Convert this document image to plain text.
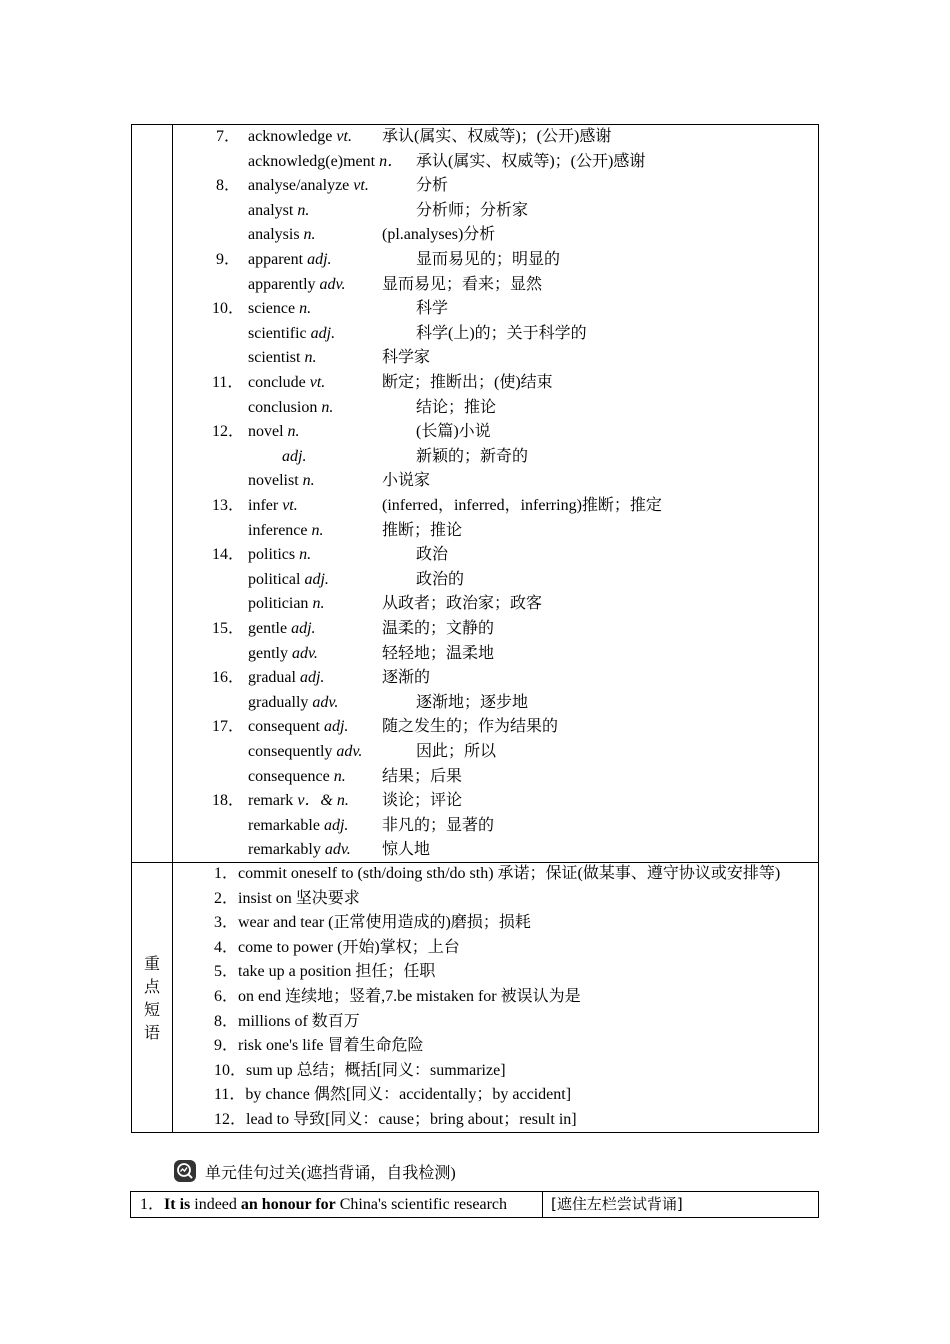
7． acknowledge vt. 承认(属实、权威等)；(公开)感谢
acknowledg(e)ment n． 承认(属实、权威等)；(公开)感谢
8． analyse/analyze vt.	分析
analyst n.	分析师；分析家
analysis n.	(pl.analyses)分析
9． apparent adj.	显而易见的；明显的
apparently adv. 显而易见；看来；显然
10． science n.	科学
scientific adj.	科学(上)的；关于科学的
scientist n.	科学家
11． conclude vt.	断定；推断出；(使)结束
conclusion n.	结论；推论
12． novel n.	(长篇)小说
adj.	新颖的；新奇的
novelist n.	小说家
13． infer vt.	(inferred，inferred，inferring)推断；推定
inference n.	推断；推论
14． politics n.	政治
political adj.	政治的
politician n.	从政者；政治家；政客
15． gentle adj.	温柔的；文静的
gently adv.	轻轻地；温柔地
16． gradual adj.	逐渐的
gradually adv.	逐渐地；逐步地
17． consequent adj. 随之发生的；作为结果的
consequently adv.	因此；所以
consequence n. 结果；后果
18． remark v．& n. 谈论；评论
remarkable adj. 非凡的；显著的
remarkably adv. 惊人地
重点短语
1．commit oneself to (sth/doing sth/do sth) 承诺；保证(做某事、遵守协议或安排等)
2．insist on 坚决要求
3．wear and tear (正常使用造成的)磨损；损耗
4．come to power (开始)掌权；上台
5．take up a position 担任；任职
6．on end 连续地；竖着,7.be mistaken for 被误认为是
8．millions of 数百万
9．risk one's life 冒着生命危险
10．sum up 总结；概括[同义：summarize]
11．by chance 偶然[同义：accidentally；by accident]
12．lead to 导致[同义：cause；bring about；result in]
单元佳句过关(遮挡背诵，自我检测)
1．It is indeed an honour for China's scientific research	[遮住左栏尝试背诵]
